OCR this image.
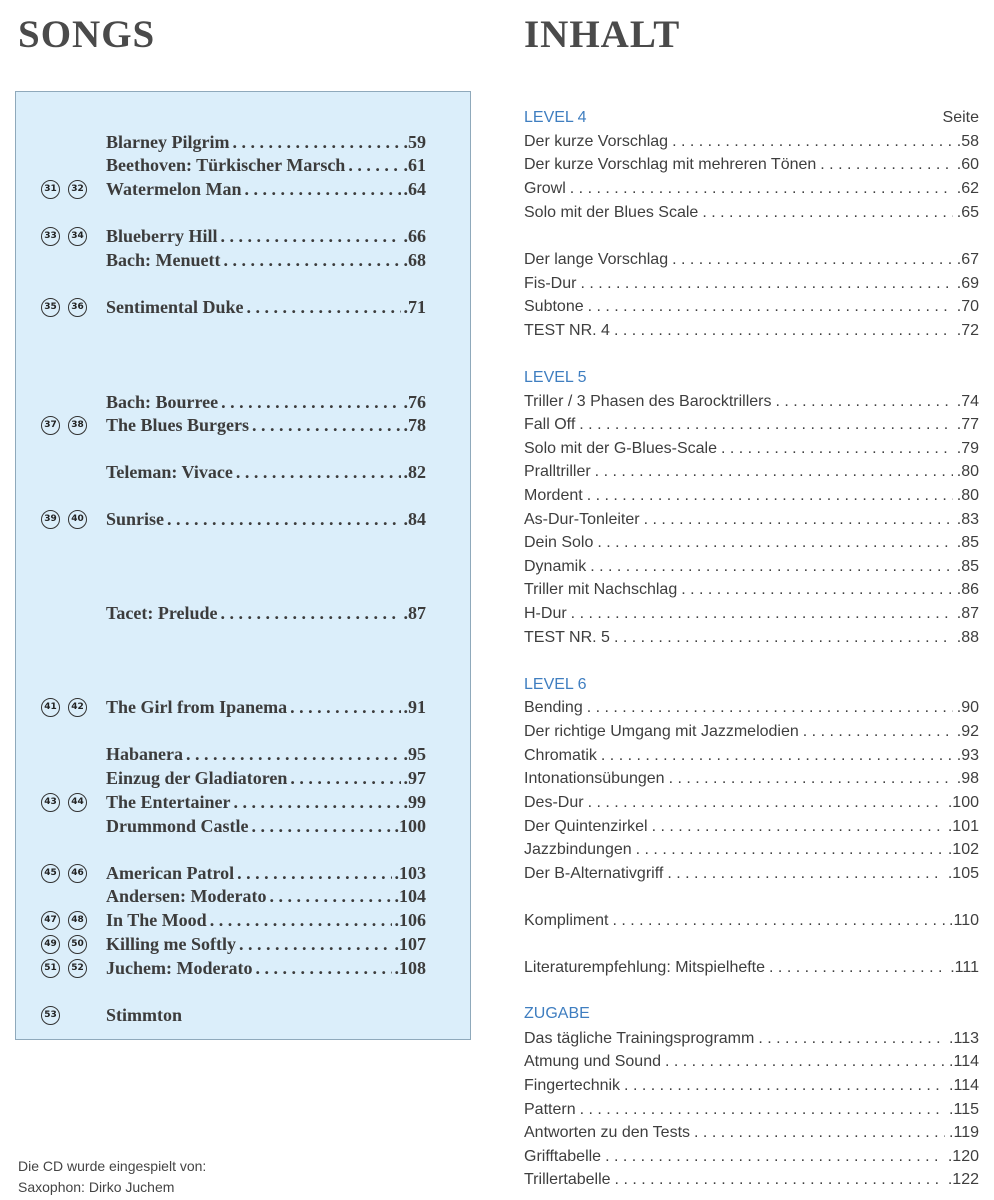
SONGS	INHALT
Blarney Pilgrim . . .	.59
Beethoven: Türkischer Marsch . . .	.61
31	32 Watermelon Man . . .	.64
33	34 Blueberry Hill . . .	.66
Bach: Menuett . . .	.68
35	36 Sentimental Duke . . .	.71
Bach: Bourree . . .	.76
37	38 The Blues Burgers . . .	.78
Teleman: Vivace . . .	.82
39	40 Sunrise . . .	.84
Tacet: Prelude . . .	.87
41	42 The Girl from Ipanema . . .	.91
Habanera . . .	.95
Einzug der Gladiatoren . . .	.97
43	44 The Entertainer . . .	.99
Drummond Castle . . .	.100
45	46 American Patrol . . .	.103
Andersen: Moderato . . .	.104
47	48 In The Mood . . .	.106
49	50 Killing me Softly . . .	.107
51	52 Juchem: Moderato . . .	.108
53	Stimmton
LEVEL 4	Seite
Der kurze Vorschlag . . .	.58
Der kurze Vorschlag mit mehreren Tönen . . .	.60
Growl . . .	.62
Solo mit der Blues Scale . . .	.65
Der lange Vorschlag . . .	.67
Fis-Dur . . .	.69
Subtone . . .	.70
TEST NR. 4 . . .	.72
LEVEL 5
Triller / 3 Phasen des Barocktrillers . . .	.74
Fall Off . . .	.77
Solo mit der G-Blues-Scale . . .	.79
Pralltriller . . .	.80
Mordent . . .	.80
As-Dur-Tonleiter . . .	.83
Dein Solo . . .	.85
Dynamik . . .	.85
Triller mit Nachschlag . . .	.86
H-Dur . . .	.87
TEST NR. 5 . . .	.88
LEVEL 6
Bending . . .	.90
Der richtige Umgang mit Jazzmelodien . . .	.92
Chromatik . . .	.93
Intonationsübungen . . .	.98
Des-Dur . . .	.100
Der Quintenzirkel . . .	.101
Jazzbindungen . . .	.102
Der B-Alternativgriff . . .	.105
Kompliment . . .	.110
Literaturempfehlung: Mitspielhefte . . .	.111
ZUGABE
Das tägliche Trainingsprogramm . . .	.113
Atmung und Sound . . .	.114
Fingertechnik . . .	.114
Pattern . . .	.115
Antworten zu den Tests . . .	.119
Grifftabelle . . .	.120
Trillertabelle . . .	.122
Die CD wurde eingespielt von:
Saxophon: Dirko Juchem
